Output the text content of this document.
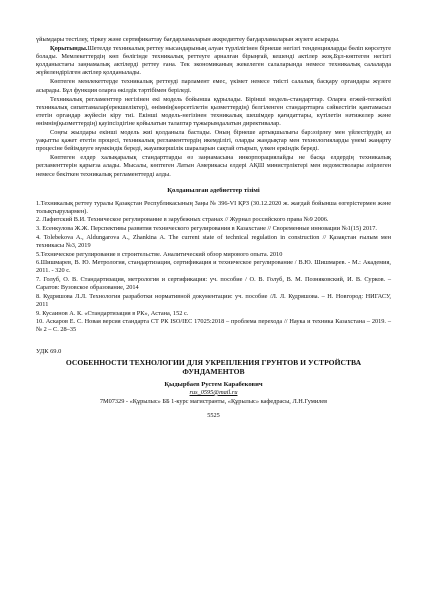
үйымдары тестілеу, тіркеу және сертификаттау бағдарламаларын аккредиттеу бағдарламаларын жүзеге асырады.

Қорытынды.Шетелде техникалық реттеу нысандарының алуан түрлілігінен бірнеше негізгі тенденцияларды бөліп көрсетуге болады. Мемлекеттердің көп бөлігінде техникалық реттеуге арналған бірыңғай, кешенді актілер жоқ.Бұл-көптеген негізгі қолданыстағы заңнамалық актілерді реттеу ғана. Тек экономиканың жекелеген салаларында немесе техникалық салаларда жүйелендірілген актілер қолданылады.

Көптеген мемлекеттерде техникалық реттеуді парламент емес, үкімет немесе тиісті салалық басқару органдары жүзеге асырады. Бұл функция оларға өкілдік тәртібімен беріледі.

Техникалық регламенттер негізінен екі модель бойынша құрылады. Бірінші модель-стандарттар. Оларға егжей-тегжейлі техникалық сипаттамалар(ерекшеліктер), өнімнің(көрсетілетін қызметтердің) белгіленген стандарттарға сәйкестігін қамтамасыз ететін органдар жүйесін кіру тиі. Екінші модель-негізінен техникалық шешімдер қағидаттары, күтілетін нәтижелер және өнімнің(қызметтердің) қауіпсіздігіне қойылатын талаптар тұжырымдалатын директивалар.

Соңғы жылдары екінші модель жиі қолданыла бастады. Оның бірнеше артықшылығы бар:әзірлеу мен үйлестірудің аз уақытты қажет ететін процесі, техникалық регламенттердің икемділігі, оларды жаңдықтар мен технологияларды үнемі жаңарту процесіне бейімдеуге мүмкіндік береді, жауапкершілік шараларын сақтай отырып, үлкен еркіндік береді.

Көптеген елдер халықаралық стандарттарды өз заңнамасына инкорпорациялайды не басқа елдердің техникалық регламенттерін қарығза алады. Мысалы, көптеген Латын Америкасы елдері АҚШ министрліктері мен ведомстволары әзірлеген немесе бекіткен техникалық регламенттерді алды.

Қолданылған әдебиеттер тізімі

1.Техникалық реттеу туралы Қазақстан Республикасының Заңы № 396-VI ҚРЗ (30.12.2020 ж. жағдай бойынша өзгерістермен және толықтырулармен).

2. Лафитский В.И. Техническое регулирование в зарубежных странах // Журнал российского права №9 2006.

3. Есенкулова Ж.Ж. Перспективы развития технического регулирования в Казахстане // Своременные инновации №1(15) 2017.

4. Tolebekova A., Aldungarova A., Zhankina A. The current state of technical regulation in construction // Қазақстан ғылым мен техникасы №3, 2019

5.Техническое регулирование в строительстве. Аналитический обзор мирового опыта. 2010

6.Шишмарев, В. Ю. Метрология, стандартизация, сертификация и техническое регулирование / В.Ю. Шишмарев. - М.: Академия, 2011. - 320 c.

7. Голуб, О. В. Стандартизация, метрология и сертификация: уч. пособие / О. В. Голуб, В. М. Позняковский, И. В. Сурков. – Саратов: Вузовское образование, 2014

8. Кудряшова Л.Л. Технология разработки нормативной документации: уч. пособие /Л. Л. Кудряшова. – Н. Новгород: НИГАСУ, 2011

9. Кусаинов А. К. «Стандартизация в РК», Астана, 152 с.

10. Аскаров Е. С. Новая версия стандарта СТ РК ISO/IEC 17025:2018 – проблема перехода // Наука и техника Казахстана – 2019. – № 2 – С. 28–35

УДК 69.0

ОСОБЕННОСТИ ТЕХНОЛОГИИ ДЛЯ УКРЕПЛЕНИЯ ГРУНТОВ И УСТРОЙСТВА ФУНДАМЕНТОВ

Қыдырбаев Рустем Карабекович

rus_0595@mail.ru

7M07329 - «Құрылыс» ББ 1-курс магистранты, «Құрылыс» кафедрасы, Л.Н.Гумилев

5525
